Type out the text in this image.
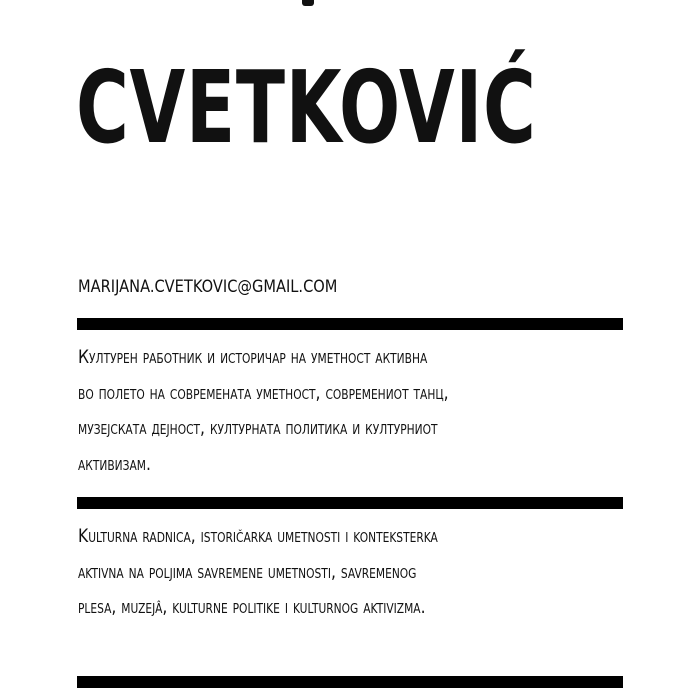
CVETKOVIĆ
MARIJANA.CVETKOVIC@GMAIL.COM
Културен работник и историчар на уметност активна
во полето на современата уметност, современиот танц,
музејската дејност, културната политика и културниот
активизам.
Kulturna radnica, istoričarka umetnosti i konteksterka
aktivna na poljima savremene umetnosti, savremenog
plesa, muzejâ, kulturne politike i kulturnog aktivizma.
